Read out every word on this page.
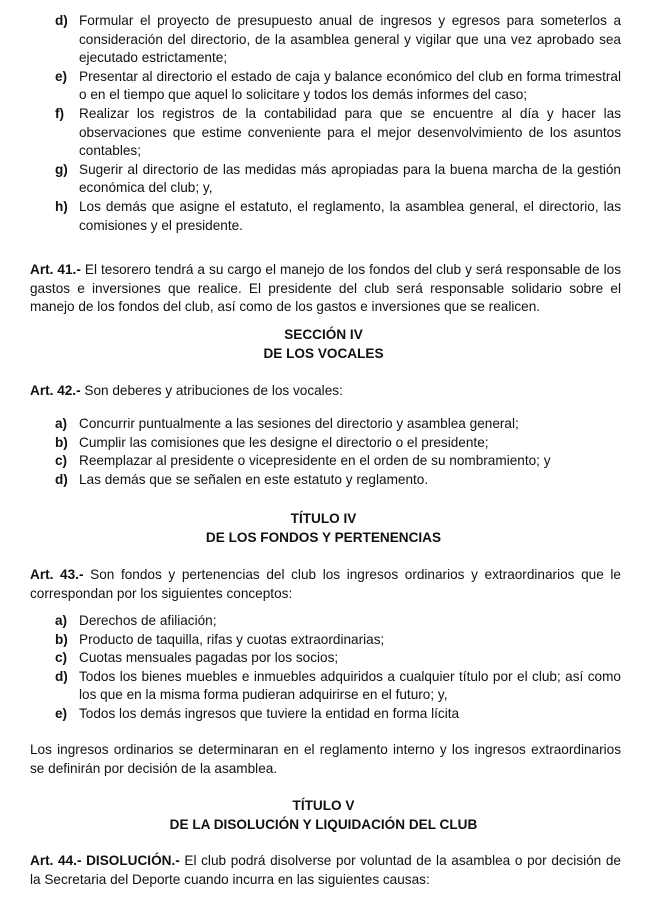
d) Formular el proyecto de presupuesto anual de ingresos y egresos para someterlos a consideración del directorio, de la asamblea general y vigilar que una vez aprobado sea ejecutado estrictamente;
e) Presentar al directorio el estado de caja y balance económico del club en forma trimestral o en el tiempo que aquel lo solicitare y todos los demás informes del caso;
f)	Realizar los registros de la contabilidad para que se encuentre al día y hacer las observaciones que estime conveniente para el mejor desenvolvimiento de los asuntos contables;
g) Sugerir al directorio de las medidas más apropiadas para la buena marcha de la gestión económica del club; y,
h) Los demás que asigne el estatuto, el reglamento, la asamblea general, el directorio, las comisiones y el presidente.

Art. 41.- El tesorero tendrá a su cargo el manejo de los fondos del club y será responsable de los gastos e inversiones que realice. El presidente del club será responsable solidario sobre el manejo de los fondos del club, así como de los gastos e inversiones que se realicen.

SECCIÓN IV

DE LOS VOCALES

Art. 42.- Son deberes y atribuciones de los vocales:

a) Concurrir puntualmente a las sesiones del directorio y asamblea general;
b) Cumplir las comisiones que les designe el directorio o el presidente;
c) Reemplazar al presidente o vicepresidente en el orden de su nombramiento; y
d) Las demás que se señalen en este estatuto y reglamento.

TÍTULO IV

DE LOS FONDOS Y PERTENENCIAS

Art. 43.- Son fondos y pertenencias del club los ingresos ordinarios y extraordinarios que le correspondan por los siguientes conceptos:

a) Derechos de afiliación;
b) Producto de taquilla, rifas y cuotas extraordinarias;
c) Cuotas mensuales pagadas por los socios;
d) Todos los bienes muebles e inmuebles adquiridos a cualquier título por el club; así como los que en la misma forma pudieran adquirirse en el futuro; y,
e) Todos los demás ingresos que tuviere la entidad en forma lícita

Los ingresos ordinarios se determinaran en el reglamento interno y los ingresos extraordinarios se definirán por decisión de la asamblea.

TÍTULO V

DE LA DISOLUCIÓN Y LIQUIDACIÓN DEL CLUB

Art. 44.- DISOLUCIÓN.- El club podrá disolverse por voluntad de la asamblea o por decisión de la Secretaria del Deporte cuando incurra en las siguientes causas:
